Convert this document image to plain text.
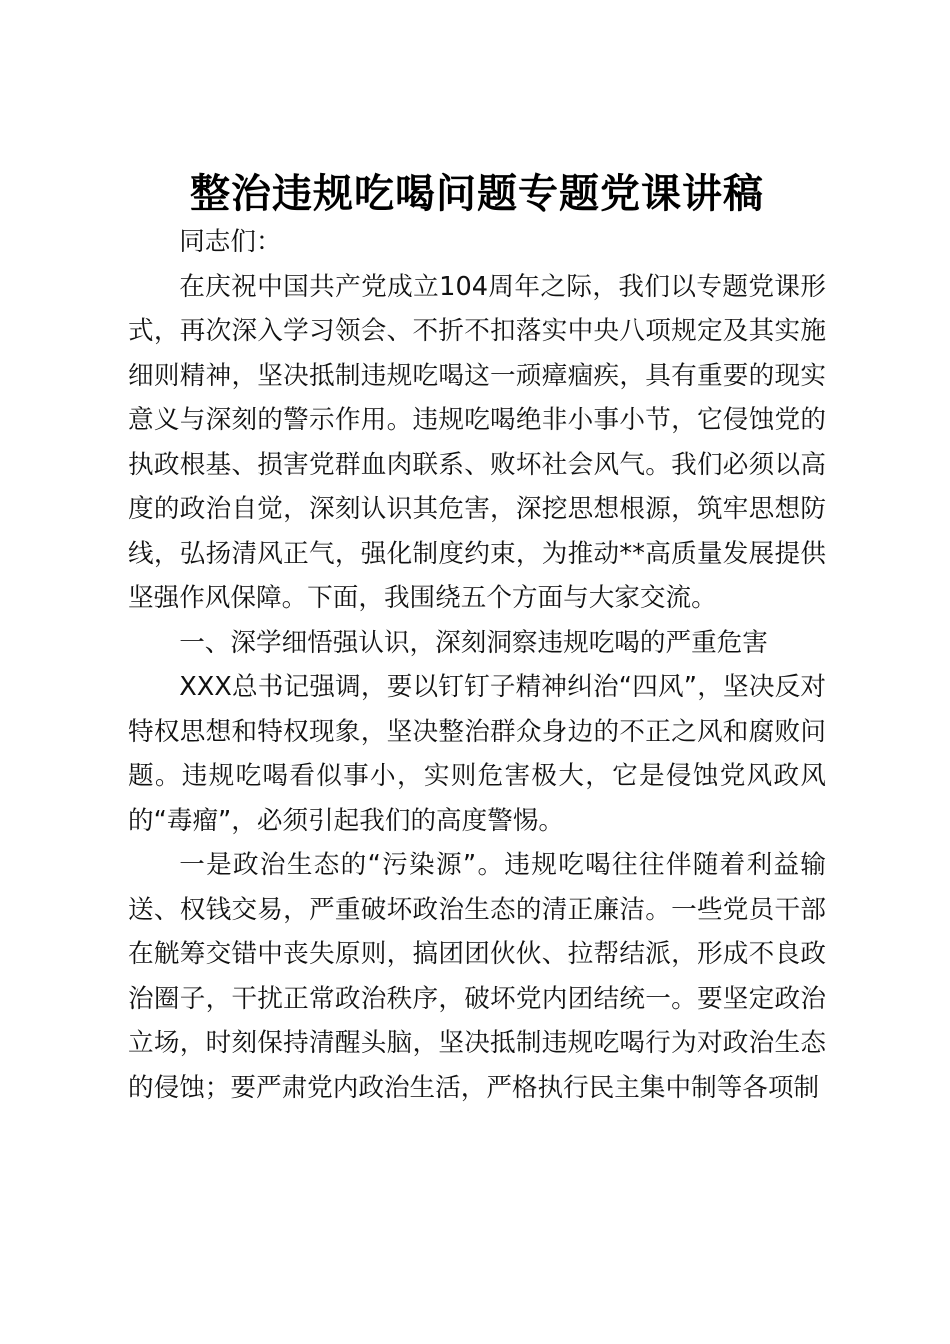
整治违规吃喝问题专题党课讲稿

同志们：

在庆祝中国共产党成立104周年之际，我们以专题党课形式，再次深入学习领会、不折不扣落实中央八项规定及其实施细则精神，坚决抵制违规吃喝这一顽瘴痼疾，具有重要的现实意义与深刻的警示作用。违规吃喝绝非小事小节，它侵蚀党的执政根基、损害党群血肉联系、败坏社会风气。我们必须以高度的政治自觉，深刻认识其危害，深挖思想根源，筑牢思想防线，弘扬清风正气，强化制度约束，为推动**高质量发展提供坚强作风保障。下面，我围绕五个方面与大家交流。

一、深学细悟强认识，深刻洞察违规吃喝的严重危害

XXX总书记强调，要以钉钉子精神纠治“四风”，坚决反对特权思想和特权现象，坚决整治群众身边的不正之风和腐败问题。违规吃喝看似事小，实则危害极大，它是侵蚀党风政风的“毒瘤”，必须引起我们的高度警惕。

一是政治生态的“污染源”。违规吃喝往往伴随着利益输送、权钱交易，严重破坏政治生态的清正廉洁。一些党员干部在觥筹交错中丧失原则，搞团团伙伙、拉帮结派，形成不良政治圈子，干扰正常政治秩序，破坏党内团结统一。要坚定政治立场，时刻保持清醒头脑，坚决抵制违规吃喝行为对政治生态的侵蚀；要严肃党内政治生活，严格执行民主集中制等各项制
